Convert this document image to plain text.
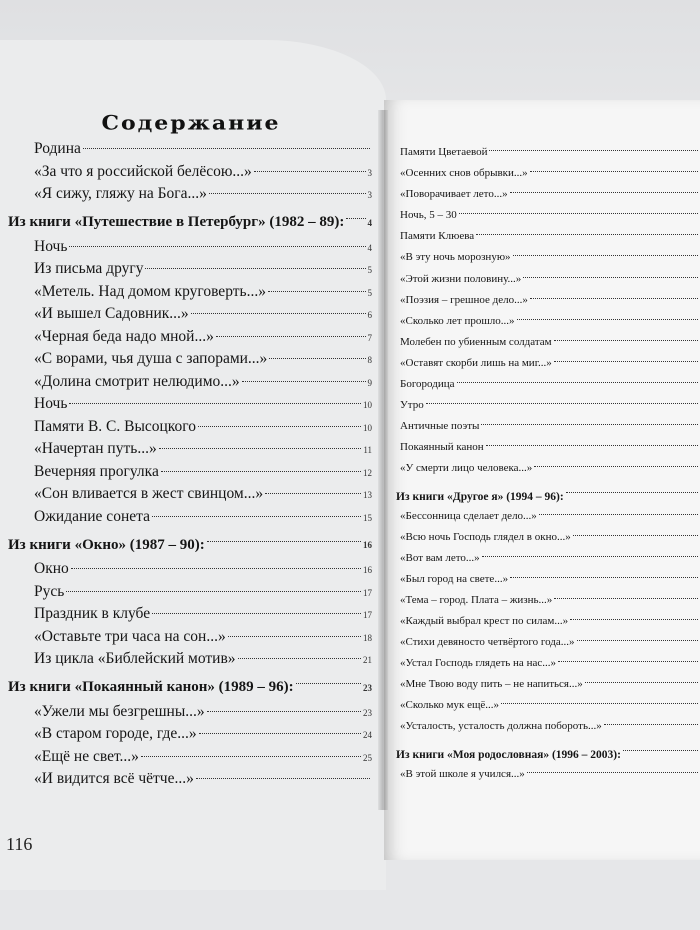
Содержание
Родина
«За что я российской белёсою...»	3
«Я сижу, гляжу на Бога...»	3
Из книги «Путешествие в Петербург» (1982 – 89):	4
Ночь	4
Из письма другу	5
«Метель. Над домом круговерть...»	5
«И вышел Садовник...»	6
«Черная беда надо мной...»	7
«С ворами, чья душа с запорами...»	8
«Долина смотрит нелюдимо...»	9
Ночь	10
Памяти В. С. Высоцкого	10
«Начертан путь...»	11
Вечерняя прогулка	12
«Сон вливается в жест свинцом...»	13
Ожидание сонета	15
Из книги «Окно» (1987 – 90):	16
Окно	16
Русь	17
Праздник в клубе	17
«Оставьте три часа на сон...»	18
Из цикла «Библейский мотив»	21
Из книги «Покаянный канон» (1989 – 96):	23
«Ужели мы безгрешны...»	23
«В старом городе, где...»	24
«Ещё не свет...»	25
«И видится всё чётче...»
Памяти Цветаевой
«Осенних снов обрывки...»
«Поворачивает лето...»
Ночь, 5 – 30
Памяти Клюева
«В эту ночь морозную»
«Этой жизни половину...»
«Поэзия – грешное дело...»
«Сколько лет прошло...»
Молебен по убиенным солдатам
«Оставят скорби лишь на миг...»
Богородица
Утро
Античные поэты
Покаянный канон
«У смерти лицо человека...»
Из книги «Другое я» (1994 – 96):
«Бессонница сделает дело...»
«Всю ночь Господь глядел в окно...»
«Вот вам лето...»
«Был город на свете...»
«Тема – город. Плата – жизнь...»
«Каждый выбрал крест по силам...»
«Стихи девяносто четвёртого года...»
«Устал Господь глядеть на нас...»
«Мне Твою воду пить – не напиться...»
«Сколько мук ещё...»
«Усталость, усталость должна побороть...»
Из книги «Моя родословная» (1996 – 2003):
«В этой школе я учился...»
116
